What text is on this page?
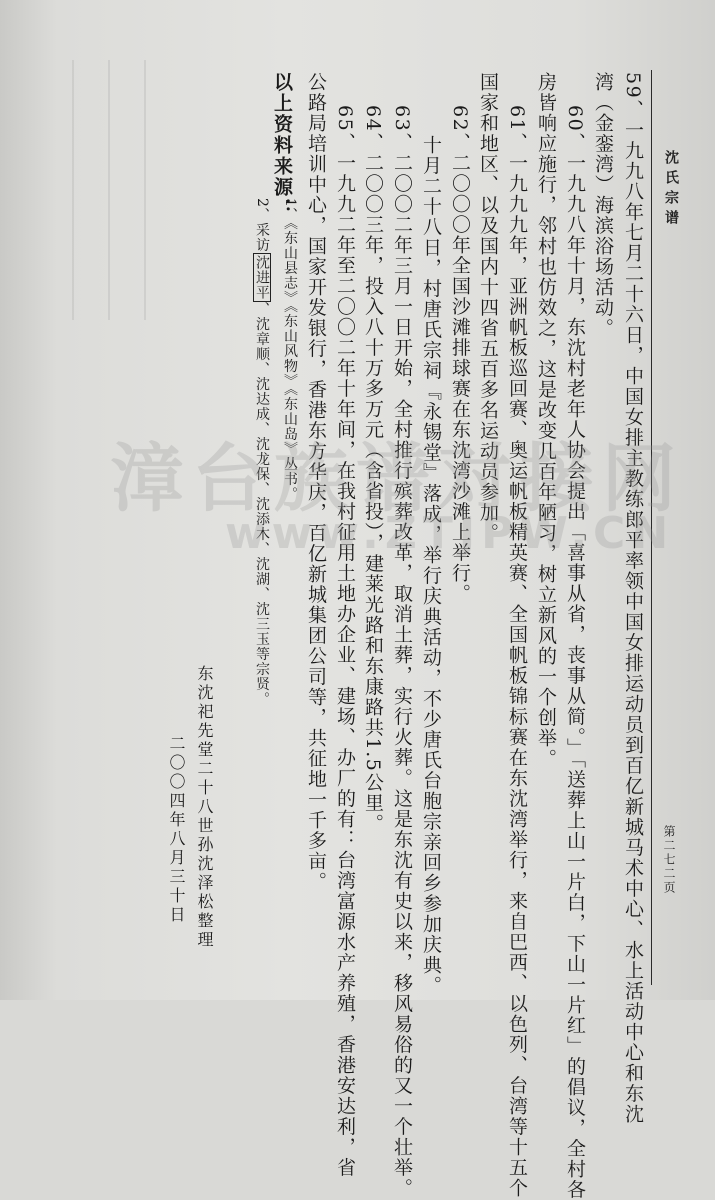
沈氏宗谱
第二七二页
59、一九九八年七月二十六日，中国女排主教练郎平率领中国女排运动员到百亿新城马术中心、水上活动中心和东沈
湾（金銮湾）海滨浴场活动。
60、一九九八年十月，东沈村老年人协会提出「喜事从省，丧事从简。」「送葬上山一片白，下山一片红」的倡议，全村各
房皆响应施行，邻村也仿效之，这是改变几百年陋习，树立新风的一个创举。
61、一九九九年，亚洲帆板巡回赛、奥运帆板精英赛、全国帆板锦标赛在东沈湾举行，来自巴西、以色列、台湾等十五个
国家和地区、以及国内十四省五百多名运动员参加。
62、二〇〇〇年全国沙滩排球赛在东沈湾沙滩上举行。
十月二十八日，村唐氏宗祠『永锡堂』落成，举行庆典活动，不少唐氏台胞宗亲回乡参加庆典。
63、二〇〇二年三月一日开始，全村推行殡葬改革，取消土葬，实行火葬。这是东沈有史以来，移风易俗的又一个壮举。
64、二〇〇三年，投入八十万多万元（含省投），建莱光路和东康路共1.5公里。
65、一九九二年至二〇〇二年十年间，在我村征用土地办企业、建场、办厂的有：台湾富源水产养殖，香港安达利，省
公路局培训中心，国家开发银行，香港东方华庆，百亿新城集团公司等，共征地一千多亩。
以上资料来源：
1、《东山县志》《东山风物》《东山岛》丛书。
2、采访沈进平、沈章顺、沈达成、沈龙保、沈添木、沈湖、沈三玉等宗贤。
东沈祀先堂二十八世孙沈泽松整理
二〇〇四年八月三十日
漳台族谱对接网
www.ZTJPW.CN
